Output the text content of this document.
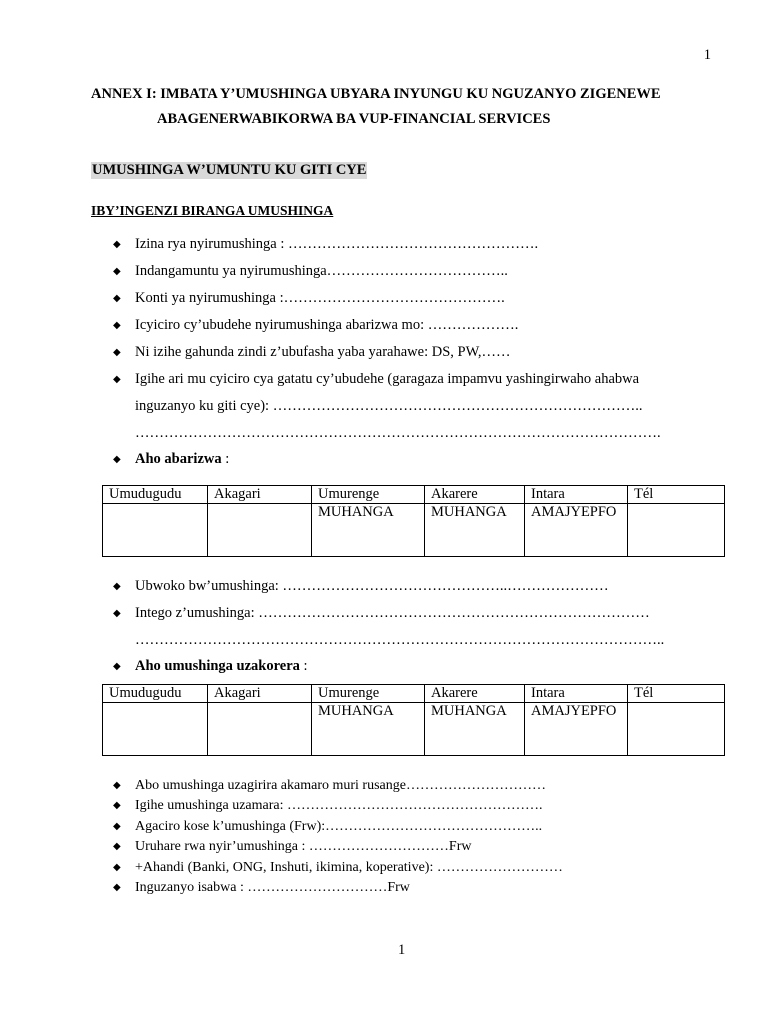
1
ANNEX I: IMBATA Y’UMUSHINGA UBYARA INYUNGU KU NGUZANYO ZIGENEWE
ABAGENERWABIKORWA BA VUP-FINANCIAL SERVICES
UMUSHINGA W’UMUNTU KU GITI CYE
IBY’INGENZI BIRANGA UMUSHINGA
◆ Izina rya nyirumushinga : …………………………………………….
◆ Indangamuntu ya nyirumushinga………………………………..
◆ Konti ya nyirumushinga :……………………………………….
◆ Icyiciro cy’ubudehe nyirumushinga abarizwa mo: ……………….
◆ Ni izihe gahunda zindi z’ubufasha yaba yarahawe: DS, PW,……
◆ Igihe ari mu cyiciro cya gatatu cy’ubudehe (garagaza impamvu yashingirwaho ahabwa
inguzanyo ku giti cye): …………………………………………………………………..
……………………………………………………………………………………………….
◆ Aho abarizwa :
Umudugudu	Akagari	Umurenge	Akarere	Intara	Tél
		MUHANGA	MUHANGA	AMAJYEPFO	
◆ Ubwoko bw’umushinga: ………………………………………..…………………
◆ Intego z’umushinga: ………………………………………………………………………
………………………………………………………………………………………………..
◆ Aho umushinga uzakorera :
Umudugudu	Akagari	Umurenge	Akarere	Intara	Tél
		MUHANGA	MUHANGA	AMAJYEPFO	
◆ Abo umushinga uzagirira akamaro muri rusange…………………………
◆ Igihe umushinga uzamara: ……………………………………………….
◆ Agaciro kose k’umushinga (Frw):………………………………………..
◆ Uruhare rwa nyir’umushinga : …………………………Frw
◆ +Ahandi (Banki, ONG, Inshuti, ikimina, koperative): ………………………
◆ Inguzanyo isabwa : …………………………Frw
1
